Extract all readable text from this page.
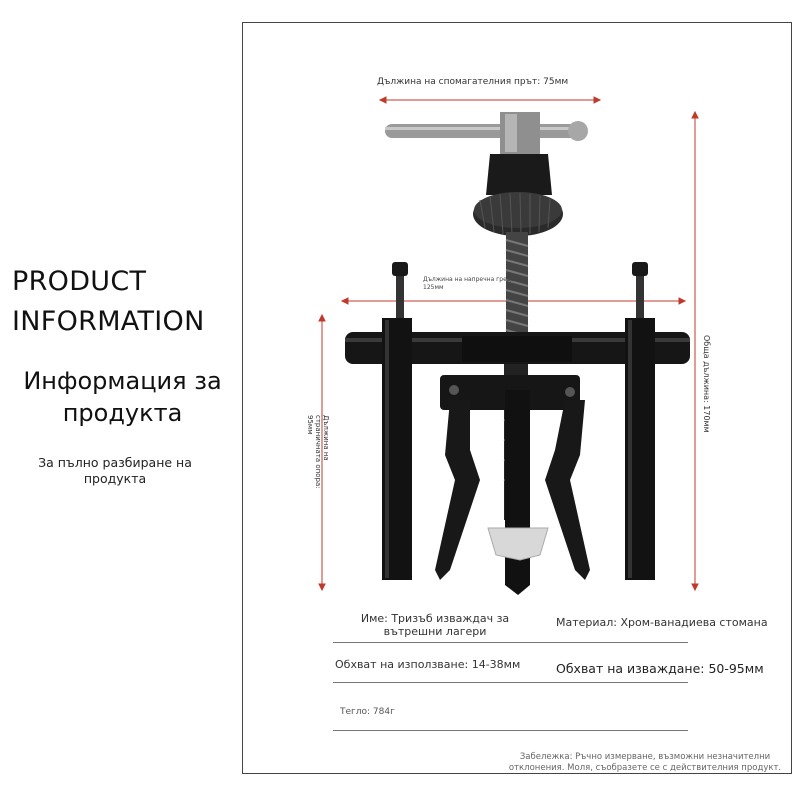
PRODUCT
INFORMATION
Информация за продукта
За пълно разбиране на продукта
Дължина на спомагателния прът: 75мм
Дължина на напречна греда: 125мм
Обща дължина: 170мм
Дължина на страничната опора: 95мм
Име: Тризъб изваждач за вътрешни лагери
Материал: Хром-ванадиева стомана
Обхват на използване: 14-38мм	Обхват на изваждане: 50-95мм
Тегло: 784г
Забележка: Ръчно измерване, възможни незначителни отклонения. Моля, съобразете се с действителния продукт.
